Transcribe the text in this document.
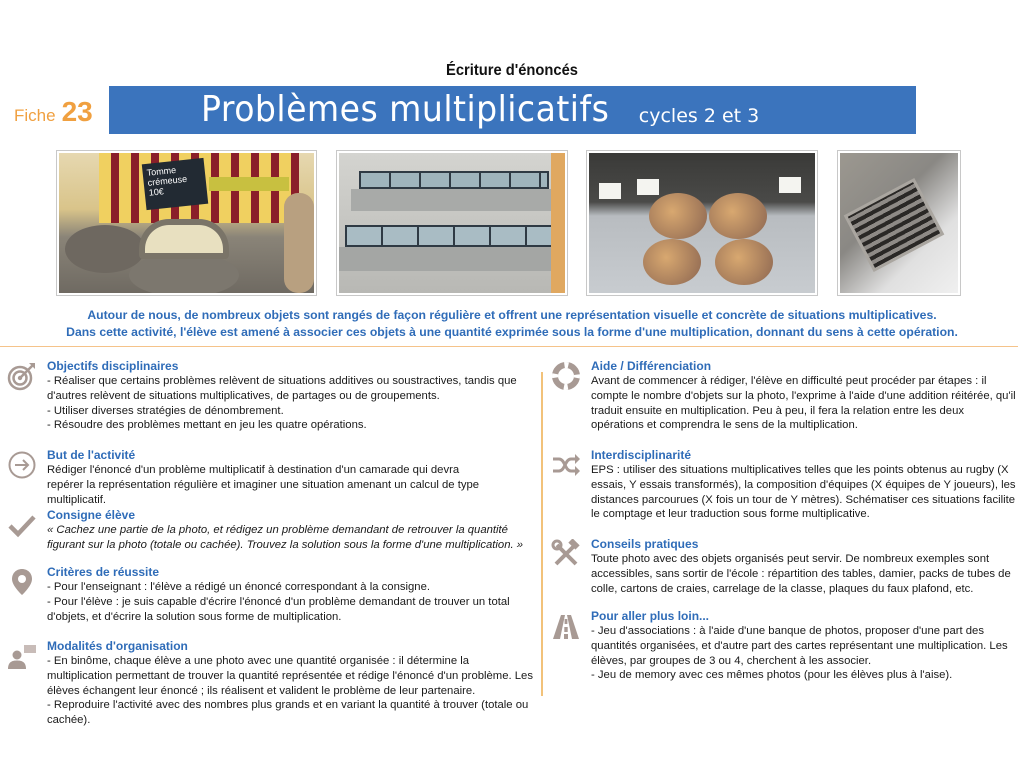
Écriture d'énoncés
Fiche 23	Problèmes multiplicatifs cycles 2 et 3
Tomme crémeuse 10€
Autour de nous, de nombreux objets sont rangés de façon régulière et offrent une représentation visuelle et concrète de situations multiplicatives.
Dans cette activité, l'élève est amené à associer ces objets à une quantité exprimée sous la forme d'une multiplication, donnant du sens à cette opération.
Objectifs disciplinaires

- Réaliser que certains problèmes relèvent de situations additives ou soustractives, tandis que d'autres relèvent de situations multiplicatives, de partages ou de groupements.

- Utiliser diverses stratégies de dénombrement.

- Résoudre des problèmes mettant en jeu les quatre opérations.

But de l'activité

Rédiger l'énoncé d'un problème multiplicatif à destination d'un camarade qui devra repérer la représentation régulière et imaginer une situation amenant un calcul de type multiplicatif.

Consigne élève

« Cachez une partie de la photo, et rédigez un problème demandant de retrouver la quantité figurant sur la photo (totale ou cachée). Trouvez la solution sous la forme d'une multiplication. »

Critères de réussite

- Pour l'enseignant : l'élève a rédigé un énoncé correspondant à la consigne.

- Pour l'élève : je suis capable d'écrire l'énoncé d'un problème demandant de trouver un total d'objets, et d'écrire la solution sous forme de multiplication.

Modalités d'organisation

- En binôme, chaque élève a une photo avec une quantité organisée : il détermine la multiplication permettant de trouver la quantité représentée et rédige l'énoncé d'un problème. Les élèves échangent leur énoncé ; ils réalisent et valident le problème de leur partenaire.

- Reproduire l'activité avec des nombres plus grands et en variant la quantité à trouver (totale ou cachée).

Aide / Différenciation

Avant de commencer à rédiger, l'élève en difficulté peut procéder par étapes : il compte le nombre d'objets sur la photo, l'exprime à l'aide d'une addition réitérée, qu'il traduit ensuite en multiplication. Peu à peu, il fera la relation entre les deux opérations et comprendra le sens de la multiplication.

Interdisciplinarité

EPS : utiliser des situations multiplicatives telles que les points obtenus au rugby (X essais, Y essais transformés), la composition d'équipes (X équipes de Y joueurs), les distances parcourues (X fois un tour de Y mètres). Schématiser ces situations facilite le comptage et leur traduction sous forme multiplicative.

Conseils pratiques

Toute photo avec des objets organisés peut servir. De nombreux exemples sont accessibles, sans sortir de l'école : répartition des tables, damier, packs de tubes de colle, cartons de craies, carrelage de la classe, plaques du faux plafond, etc.

Pour aller plus loin...

- Jeu d'associations : à l'aide d'une banque de photos, proposer d'une part des quantités organisées, et d'autre part des cartes représentant une multiplication. Les élèves, par groupes de 3 ou 4, cherchent à les associer.

- Jeu de memory avec ces mêmes photos (pour les élèves plus à l'aise).
